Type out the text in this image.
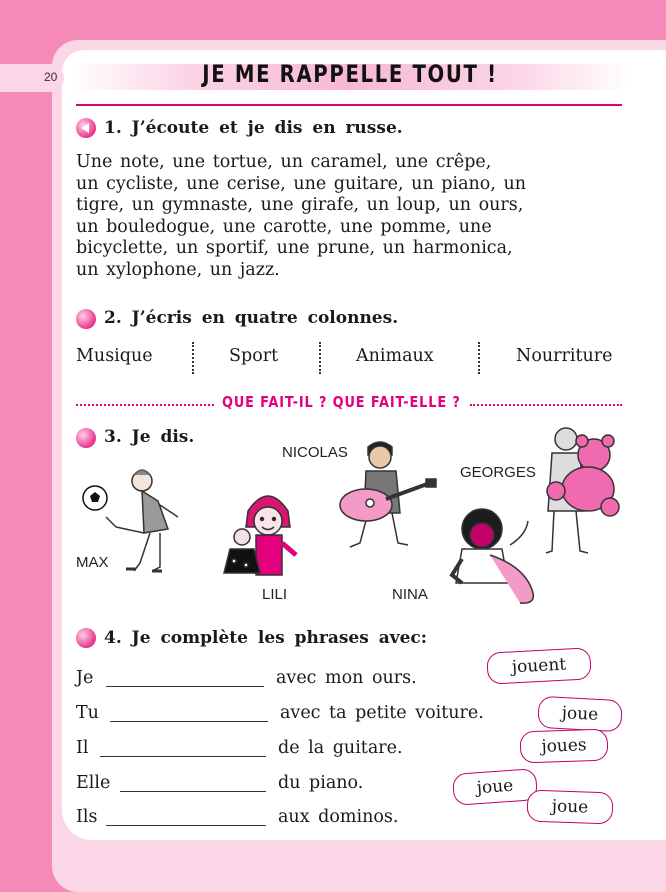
20	JE ME RAPPELLE TOUT !
1. J’écoute et je dis en russe.
Une note, une tortue, un caramel, une crêpe,
un cycliste, une cerise, une guitare, un piano, un
tigre, un gymnaste, une girafe, un loup, un ours,
un bouledogue, une carotte, une pomme, une
bicyclette, un sportif, une prune, un harmonica,
un xylophone, un jazz.
2. J’écris en quatre colonnes.
Musique	Sport	Animaux	Nourriture
QUE FAIT-IL ? QUE FAIT-ELLE ?
3. Je dis.
NICOLAS
GEORGES
MAX
LILI	NINA
4. Je complète les phrases avec:
Je	avec mon ours.
Tu	avec ta petite voiture.
Il	de la guitare.
Elle	du piano.
Ils	aux dominos.
jouent
joue
joues
joue
joue
